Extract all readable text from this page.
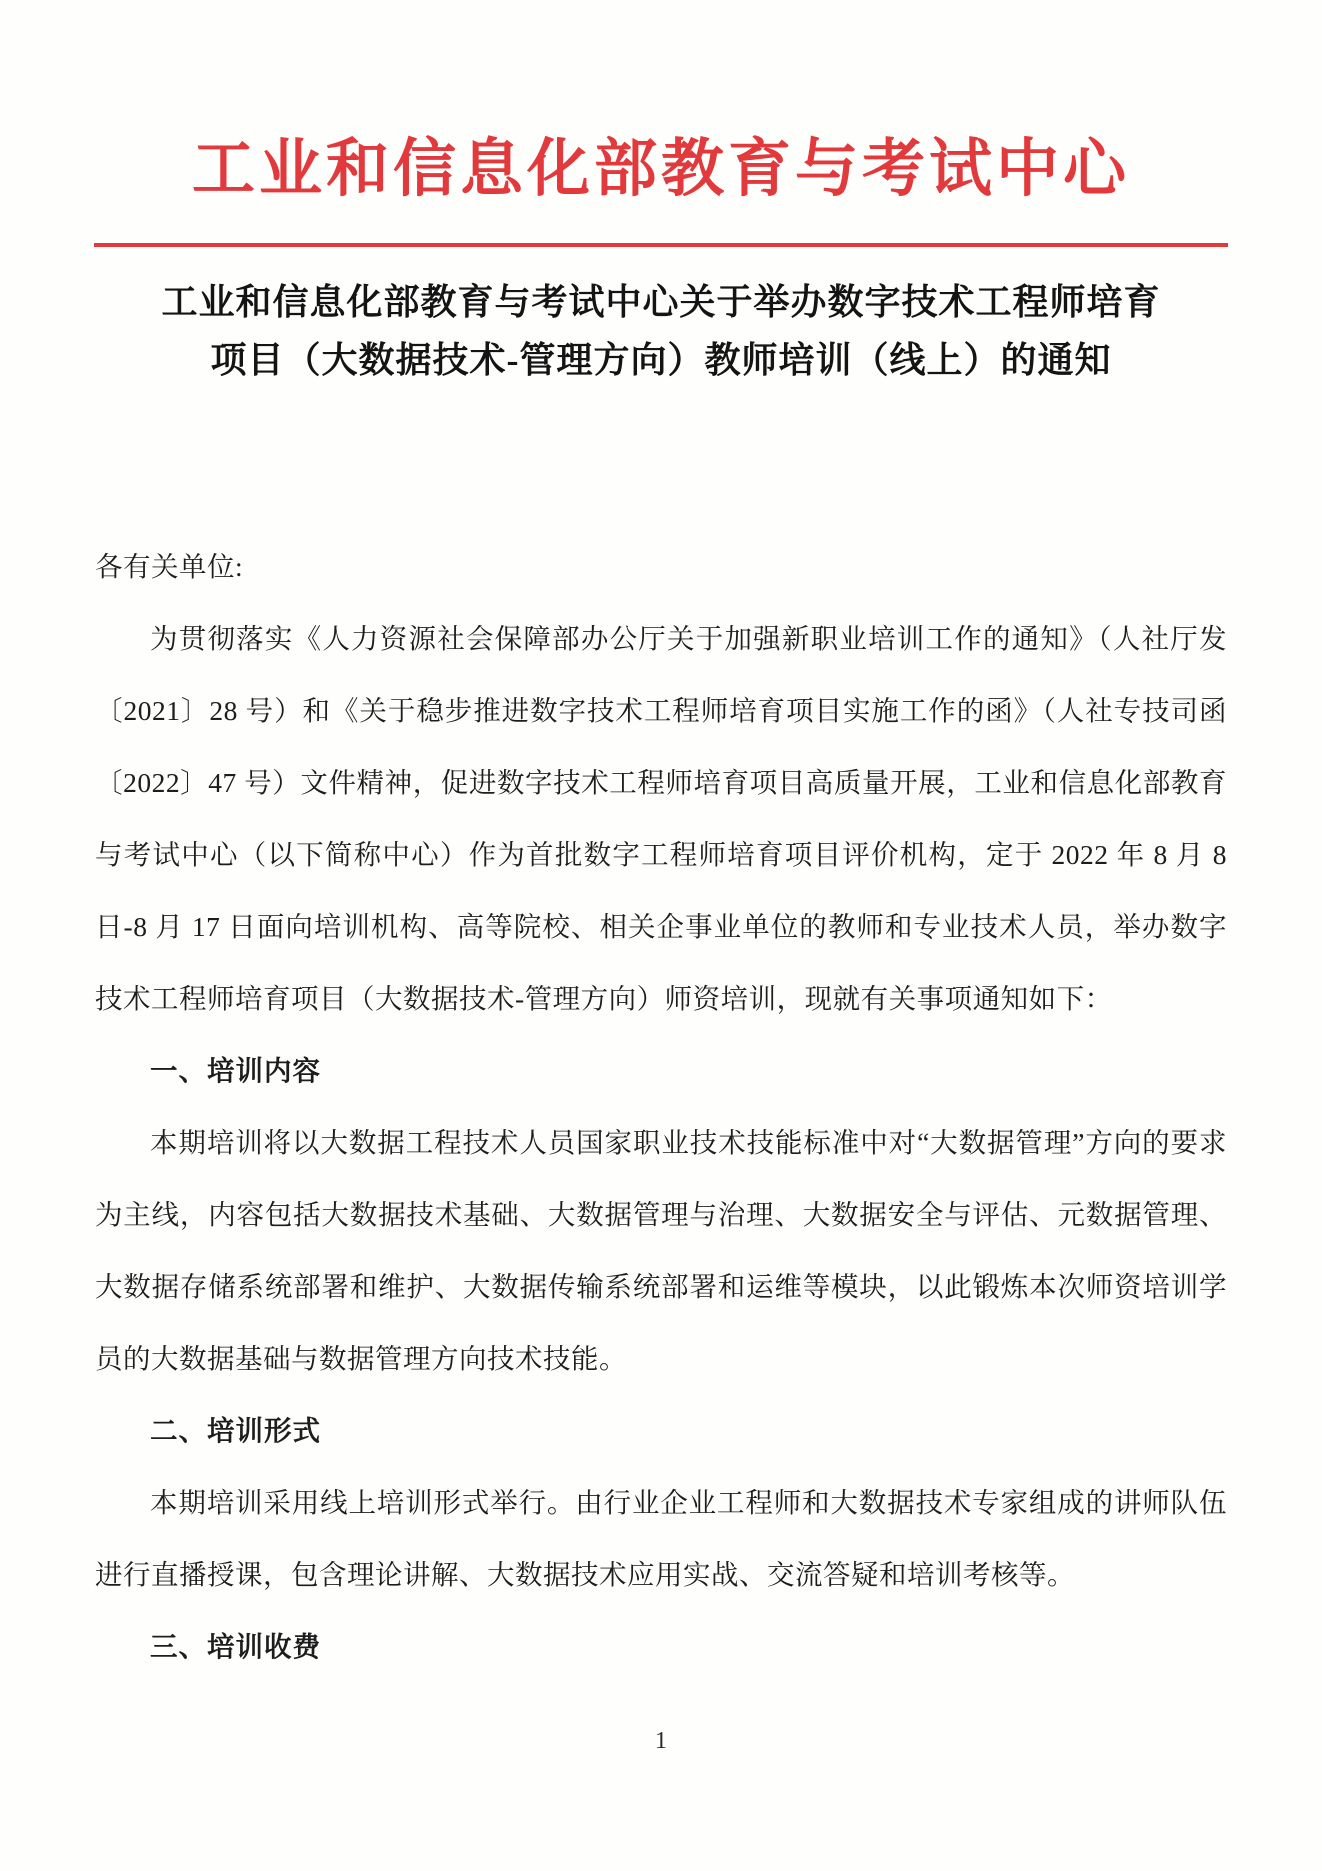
工业和信息化部教育与考试中心
工业和信息化部教育与考试中心关于举办数字技术工程师培育
项目（大数据技术-管理方向）教师培训（线上）的通知
各有关单位:

为贯彻落实《人力资源社会保障部办公厅关于加强新职业培训工作的通知》（人社厅发〔2021〕28 号）和《关于稳步推进数字技术工程师培育项目实施工作的函》（人社专技司函〔2022〕47 号）文件精神，促进数字技术工程师培育项目高质量开展，工业和信息化部教育与考试中心（以下简称中心）作为首批数字工程师培育项目评价机构，定于 2022 年 8 月 8 日-8 月 17 日面向培训机构、高等院校、相关企事业单位的教师和专业技术人员，举办数字技术工程师培育项目（大数据技术-管理方向）师资培训，现就有关事项通知如下：

一、培训内容

本期培训将以大数据工程技术人员国家职业技术技能标准中对“大数据管理”方向的要求为主线，内容包括大数据技术基础、大数据管理与治理、大数据安全与评估、元数据管理、大数据存储系统部署和维护、大数据传输系统部署和运维等模块，以此锻炼本次师资培训学员的大数据基础与数据管理方向技术技能。

二、培训形式

本期培训采用线上培训形式举行。由行业企业工程师和大数据技术专家组成的讲师队伍进行直播授课，包含理论讲解、大数据技术应用实战、交流答疑和培训考核等。

三、培训收费
1
